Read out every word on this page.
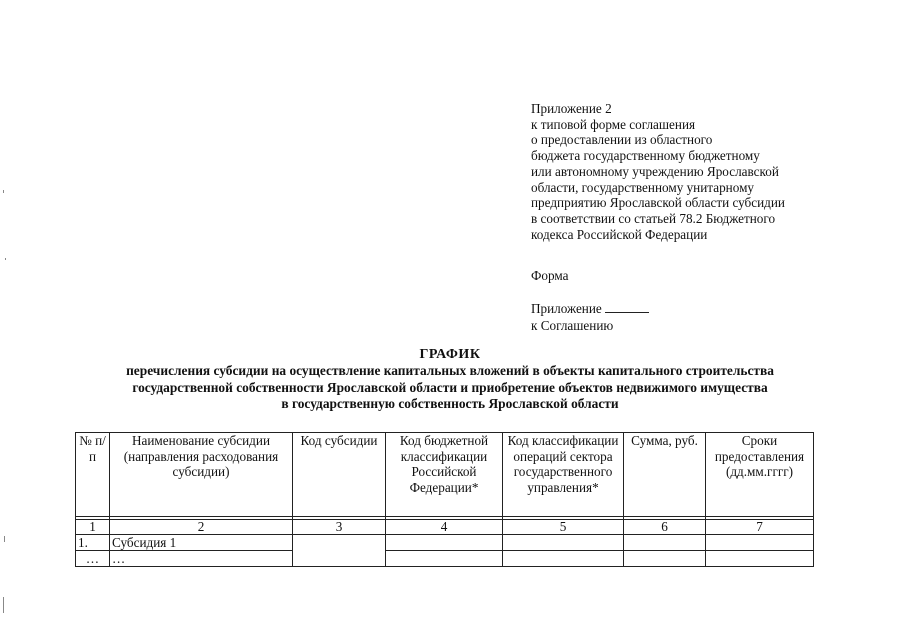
Приложение 2
к типовой форме соглашения
о предоставлении из областного
бюджета государственному бюджетному
или автономному учреждению Ярославской
области, государственному унитарному
предприятию Ярославской области субсидии
в соответствии со статьей 78.2 Бюджетного
кодекса Российской Федерации
Форма
Приложение
к Соглашению
ГРАФИК
перечисления субсидии на осуществление капитальных вложений в объекты капитального строительства
государственной собственности Ярославской области и приобретение объектов недвижимого имущества
в государственную собственность Ярославской области
№ п/п	Наименование субсидии (направления расходования субсидии)	Код субсидии	Код бюджетной классификации Российской Федерации*	Код классификации операций сектора государственного управления*	Сумма, руб.	Сроки предоставления (дд.мм.гггг)

1	2	3	4	5	6	7
1.	Субсидия 1					
…	…					
